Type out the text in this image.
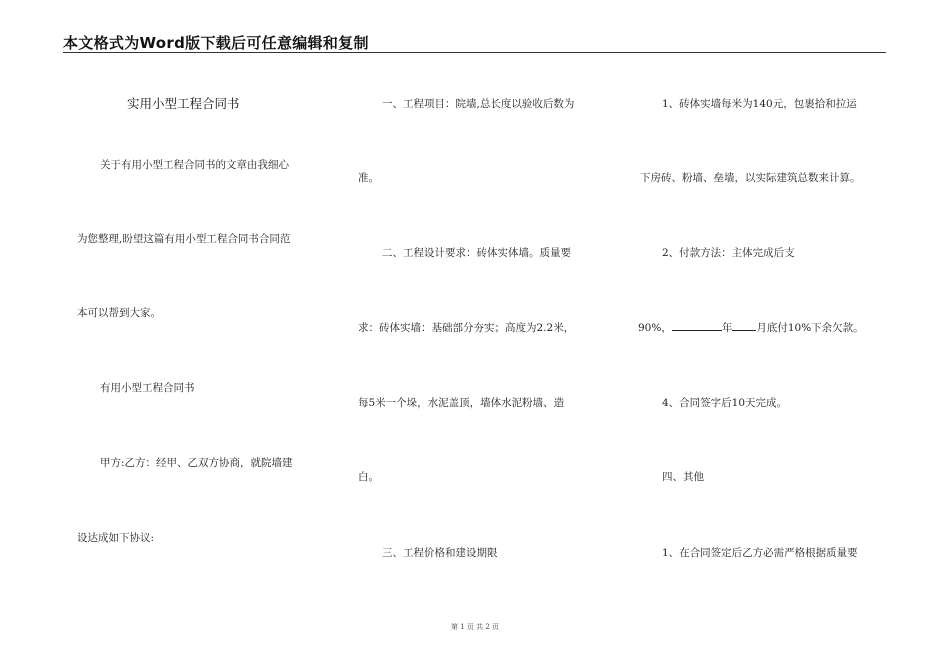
本文格式为Word版下载后可任意编辑和复制
实用小型工程合同书
关于有用小型工程合同书的文章由我细心
为您整理,盼望这篇有用小型工程合同书合同范
本可以帮到大家。
有用小型工程合同书
甲方:乙方：经甲、乙双方协商，就院墙建
设达成如下协议:
一、工程项目：院墙,总长度以验收后数为
准。
二、工程设计要求：砖体实体墙。质量要
求：砖体实墙：基础部分夯实；高度为2.2米，
每5米一个垛，水泥盖顶，墙体水泥粉墙、造
白。
三、工程价格和建设期限
1、砖体实墙每米为140元，包裹拾和拉运
下房砖、粉墙、垒墙，以实际建筑总数来计算。
2、付款方法：主体完成后支
90%，	年 月底付10%下余欠款。
4、合同签字后10天完成。
四、其他
1、在合同签定后乙方必需严格根据质量要
第 1 页 共 2 页
